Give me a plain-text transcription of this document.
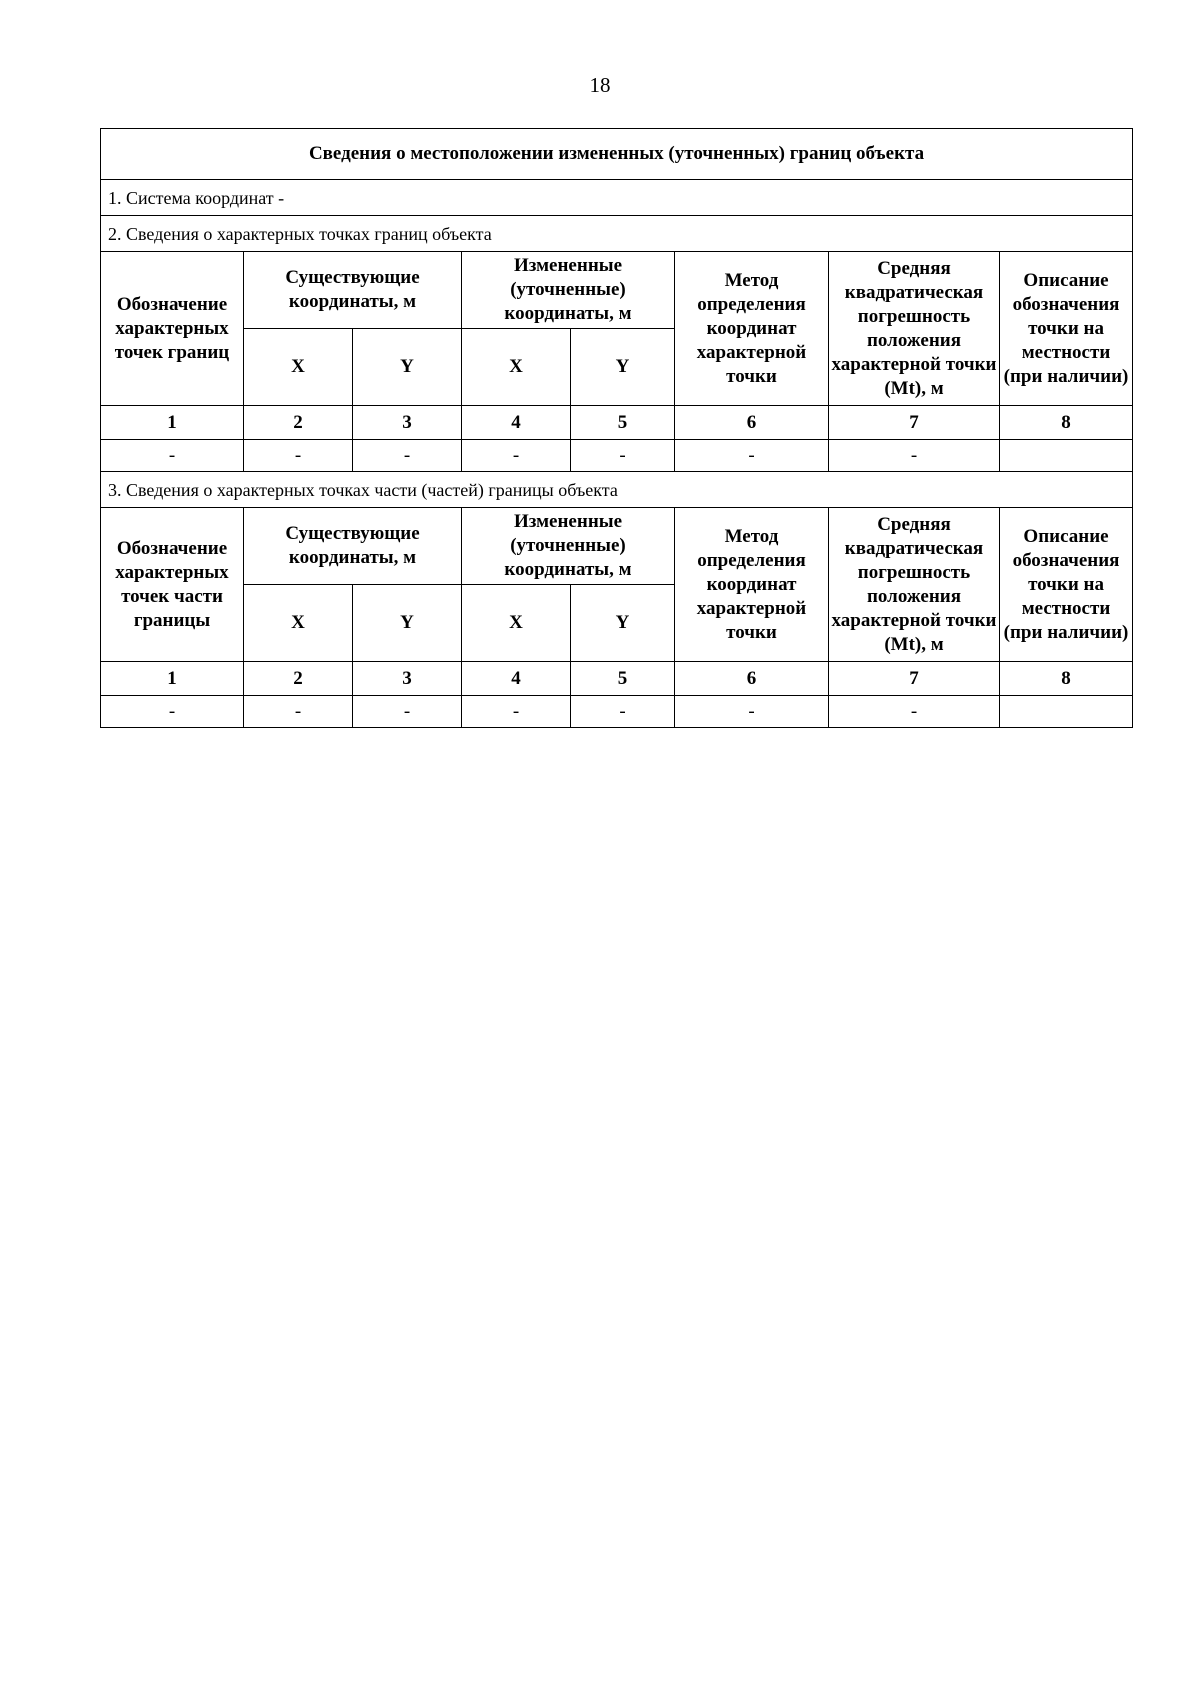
18
Сведения о местоположении измененных (уточненных) границ объекта							
1. Система координат -							
2. Сведения о характерных точках границ объекта							
Обозначение характерных точек границ	Существующие координаты, м		Измененные (уточненные) координаты, м		Метод определения координат характерной точки	Средняя квадратическая погрешность положения характерной точки (Mt), м	Описание обозначения точки на местности (при наличии)
	X	Y	X	Y			
1	2	3	4	5	6	7	8
-	-	-	-	-	-	-	
3. Сведения о характерных точках части (частей) границы объекта							
Обозначение характерных точек части границы	Существующие координаты, м		Измененные (уточненные) координаты, м		Метод определения координат характерной точки	Средняя квадратическая погрешность положения характерной точки (Mt), м	Описание обозначения точки на местности (при наличии)
	X	Y	X	Y			
1	2	3	4	5	6	7	8
-	-	-	-	-	-	-	
